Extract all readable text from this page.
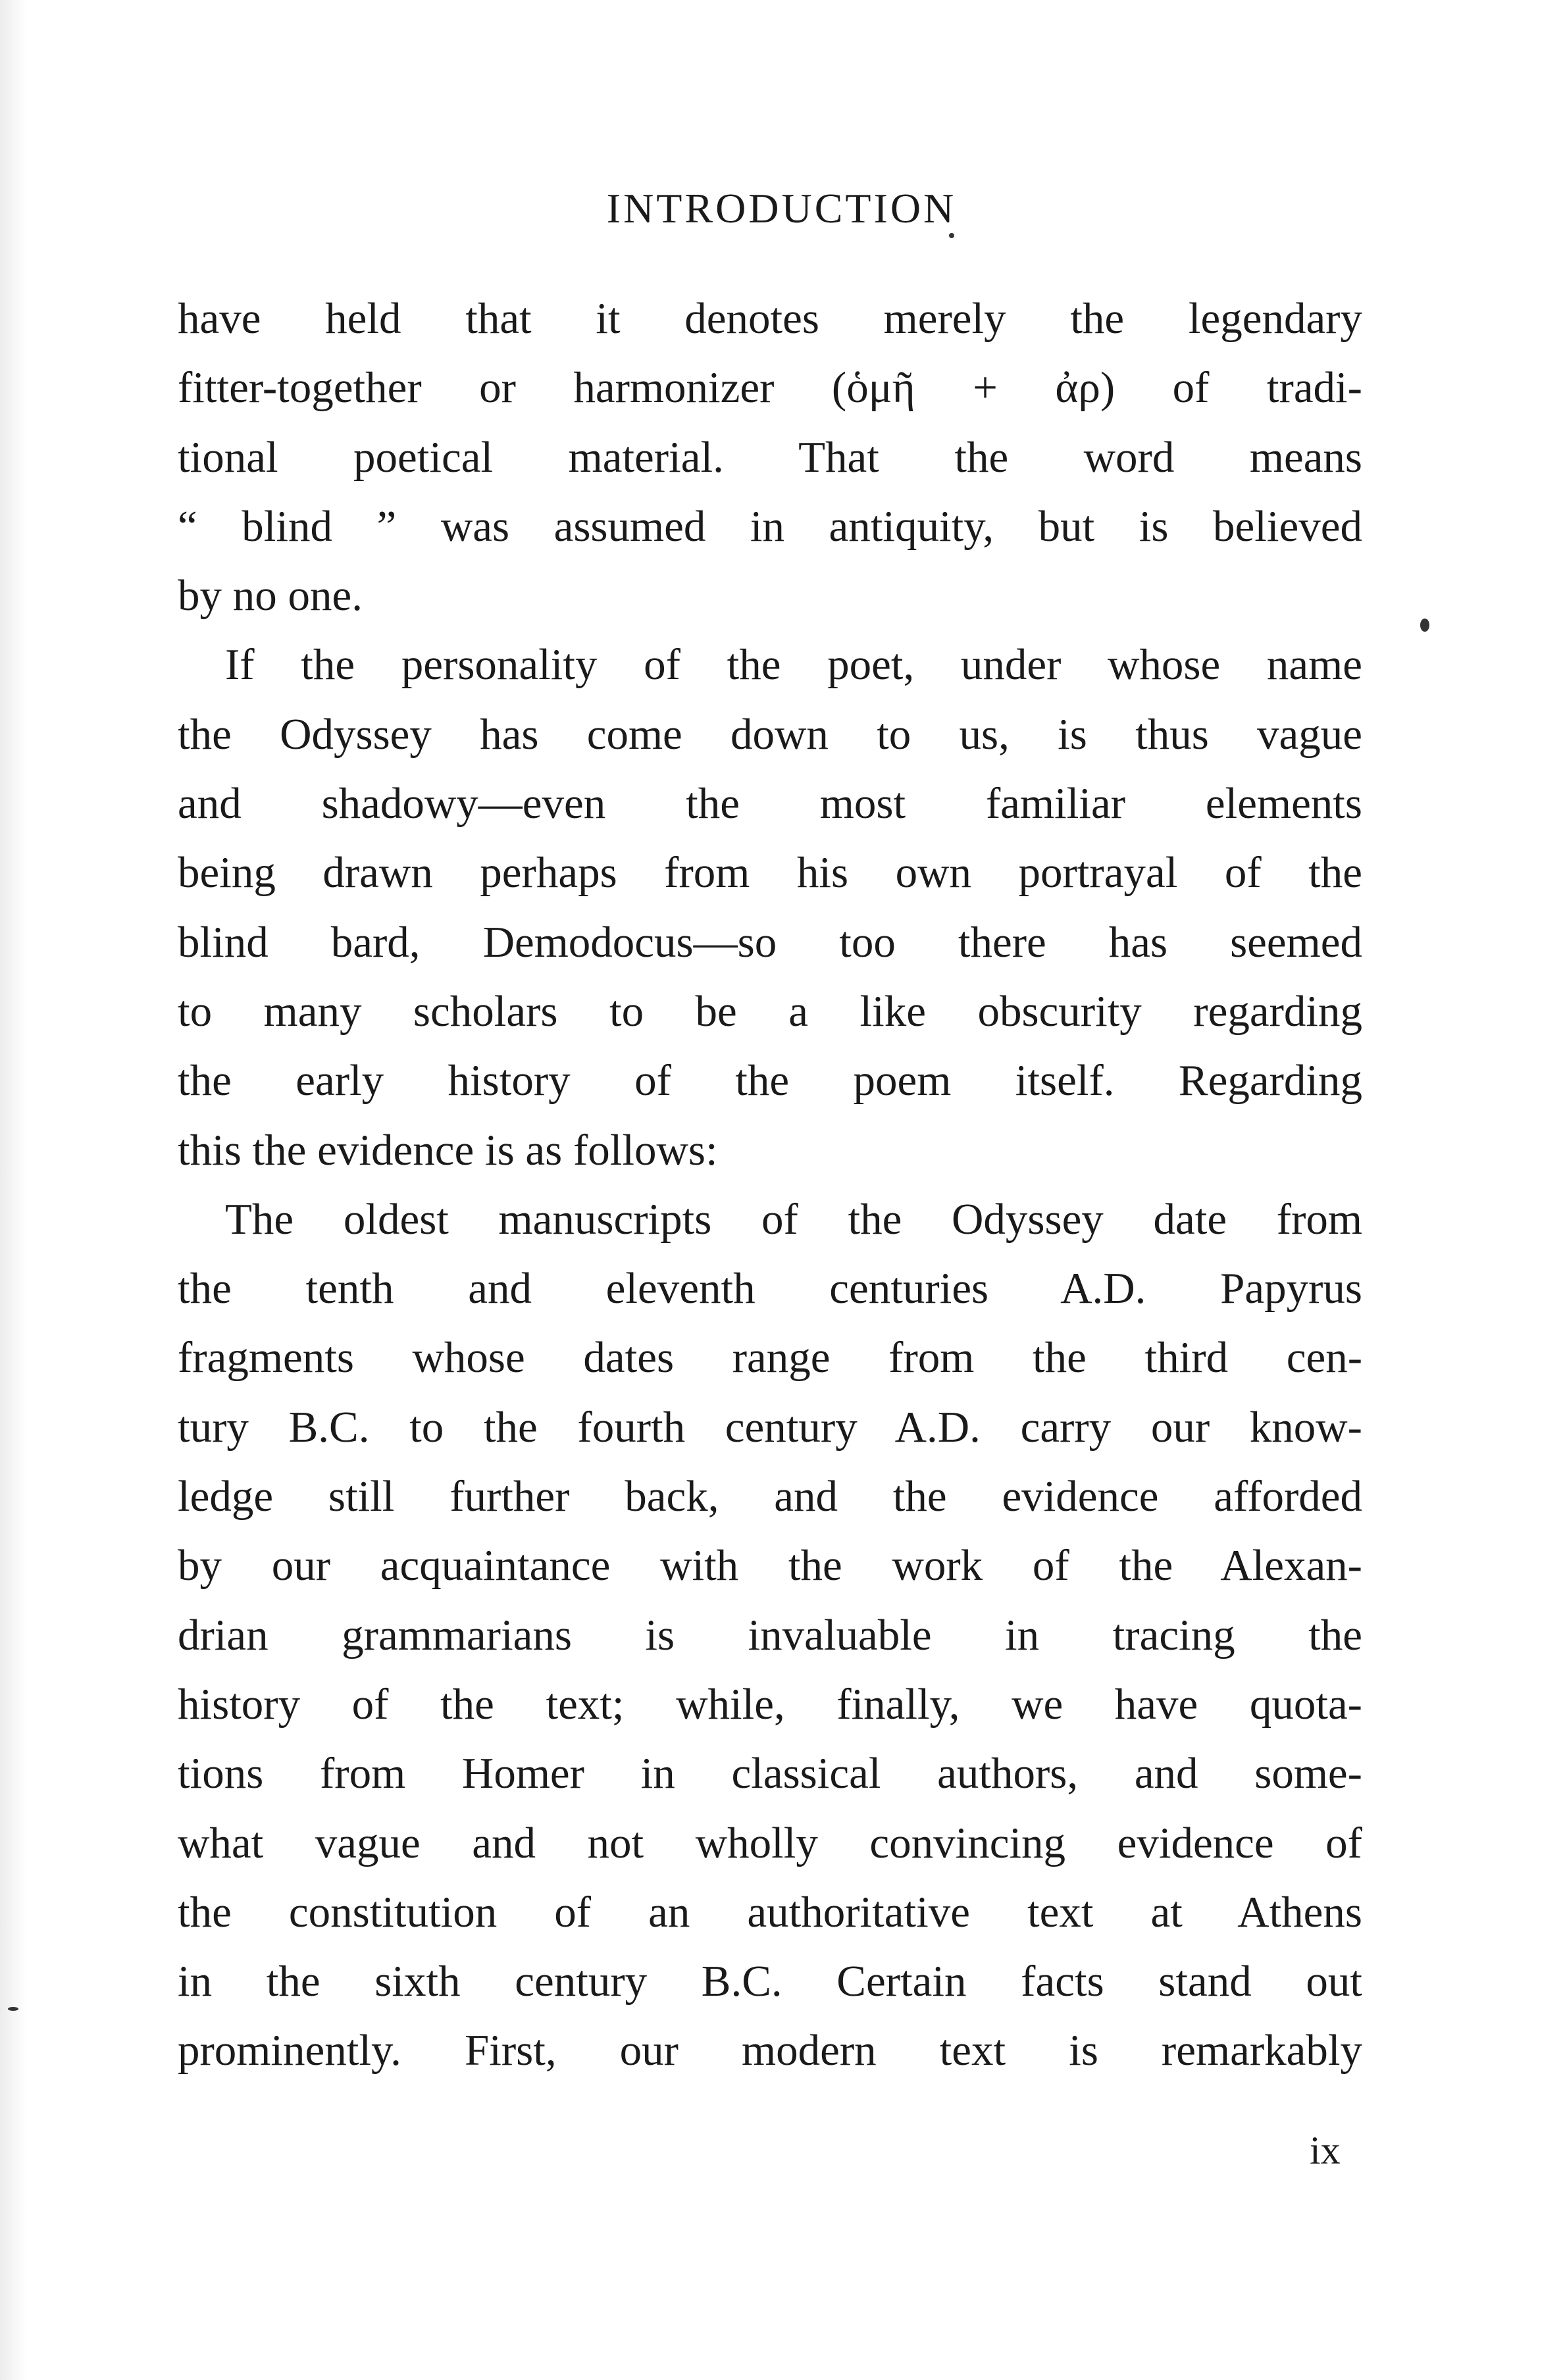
INTRODUCTION
have held that it denotes merely the legendary
fitter-together or harmonizer (ὁμῆ + ἀρ) of tradi-
tional poetical material. That the word means
“ blind ” was assumed in antiquity, but is believed
by no one.
If the personality of the poet, under whose name
the Odyssey has come down to us, is thus vague
and shadowy—even the most familiar elements
being drawn perhaps from his own portrayal of the
blind bard, Demodocus—so too there has seemed
to many scholars to be a like obscurity regarding
the early history of the poem itself. Regarding
this the evidence is as follows:
The oldest manuscripts of the Odyssey date from
the tenth and eleventh centuries A.D. Papyrus
fragments whose dates range from the third cen-
tury B.C. to the fourth century A.D. carry our know-
ledge still further back, and the evidence afforded
by our acquaintance with the work of the Alexan-
drian grammarians is invaluable in tracing the
history of the text; while, finally, we have quota-
tions from Homer in classical authors, and some-
what vague and not wholly convincing evidence of
the constitution of an authoritative text at Athens
in the sixth century B.C. Certain facts stand out
prominently. First, our modern text is remarkably
ix
